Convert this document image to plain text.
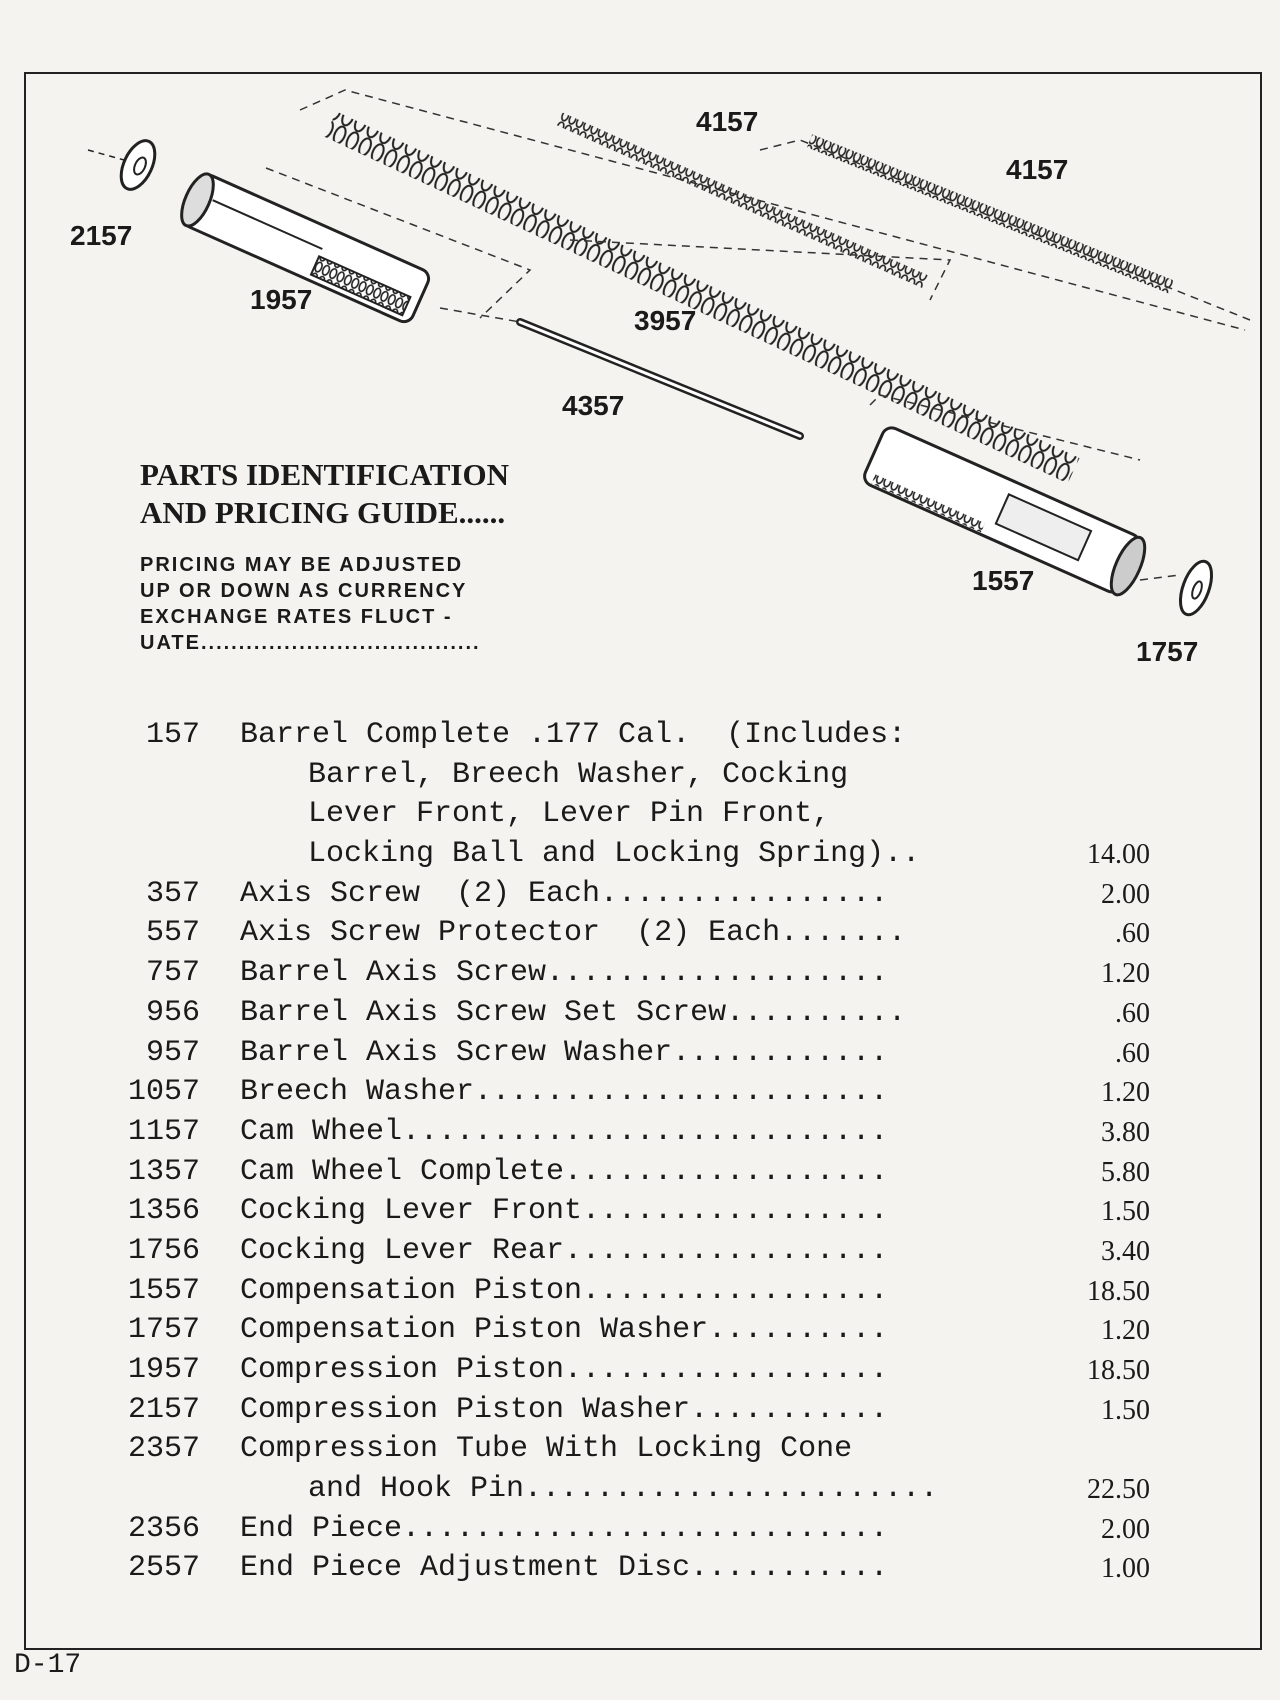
2157
1957
3957
4157
4157
4357
1557
1757
PARTS IDENTIFICATION
AND PRICING GUIDE......
PRICING MAY BE ADJUSTED
UP OR DOWN AS CURRENCY
EXCHANGE RATES FLUCT -
UATE.....................................
157 Barrel Complete .177 Cal.  (Includes:
Barrel, Breech Washer, Cocking
Lever Front, Lever Pin Front,
Locking Ball and Locking Spring)..	14.00
357 Axis Screw  (2) Each................	2.00
557 Axis Screw Protector  (2) Each.......	.60
757 Barrel Axis Screw...................	1.20
956 Barrel Axis Screw Set Screw..........	.60
957 Barrel Axis Screw Washer............	.60
1057 Breech Washer.......................	1.20
1157 Cam Wheel...........................	3.80
1357 Cam Wheel Complete..................	5.80
1356 Cocking Lever Front.................	1.50
1756 Cocking Lever Rear..................	3.40
1557 Compensation Piston.................	18.50
1757 Compensation Piston Washer..........	1.20
1957 Compression Piston..................	18.50
2157 Compression Piston Washer...........	1.50
2357 Compression Tube With Locking Cone
and Hook Pin.......................	22.50
2356 End Piece...........................	2.00
2557 End Piece Adjustment Disc...........	1.00
D-17
